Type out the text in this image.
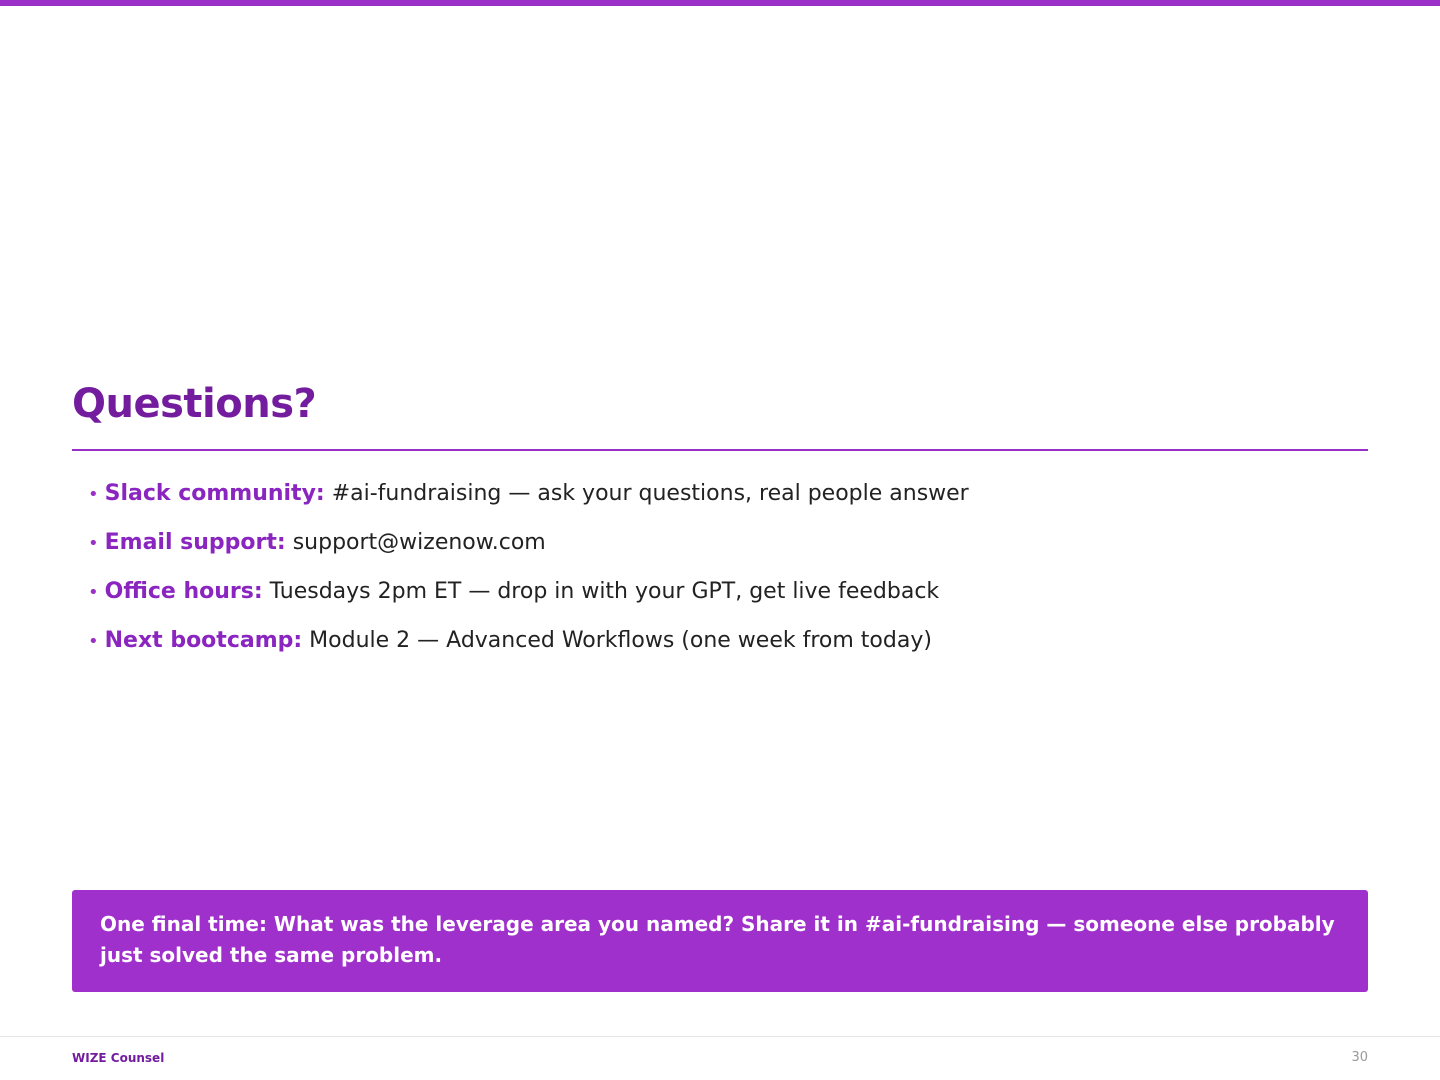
Questions?
• Slack community: #ai-fundraising — ask your questions, real people answer
• Email support: support@wizenow.com
• Office hours: Tuesdays 2pm ET — drop in with your GPT, get live feedback
• Next bootcamp: Module 2 — Advanced Workflows (one week from today)
One final time: What was the leverage area you named? Share it in #ai-fundraising — someone else probably just solved the same problem.
WIZE Counsel	30
